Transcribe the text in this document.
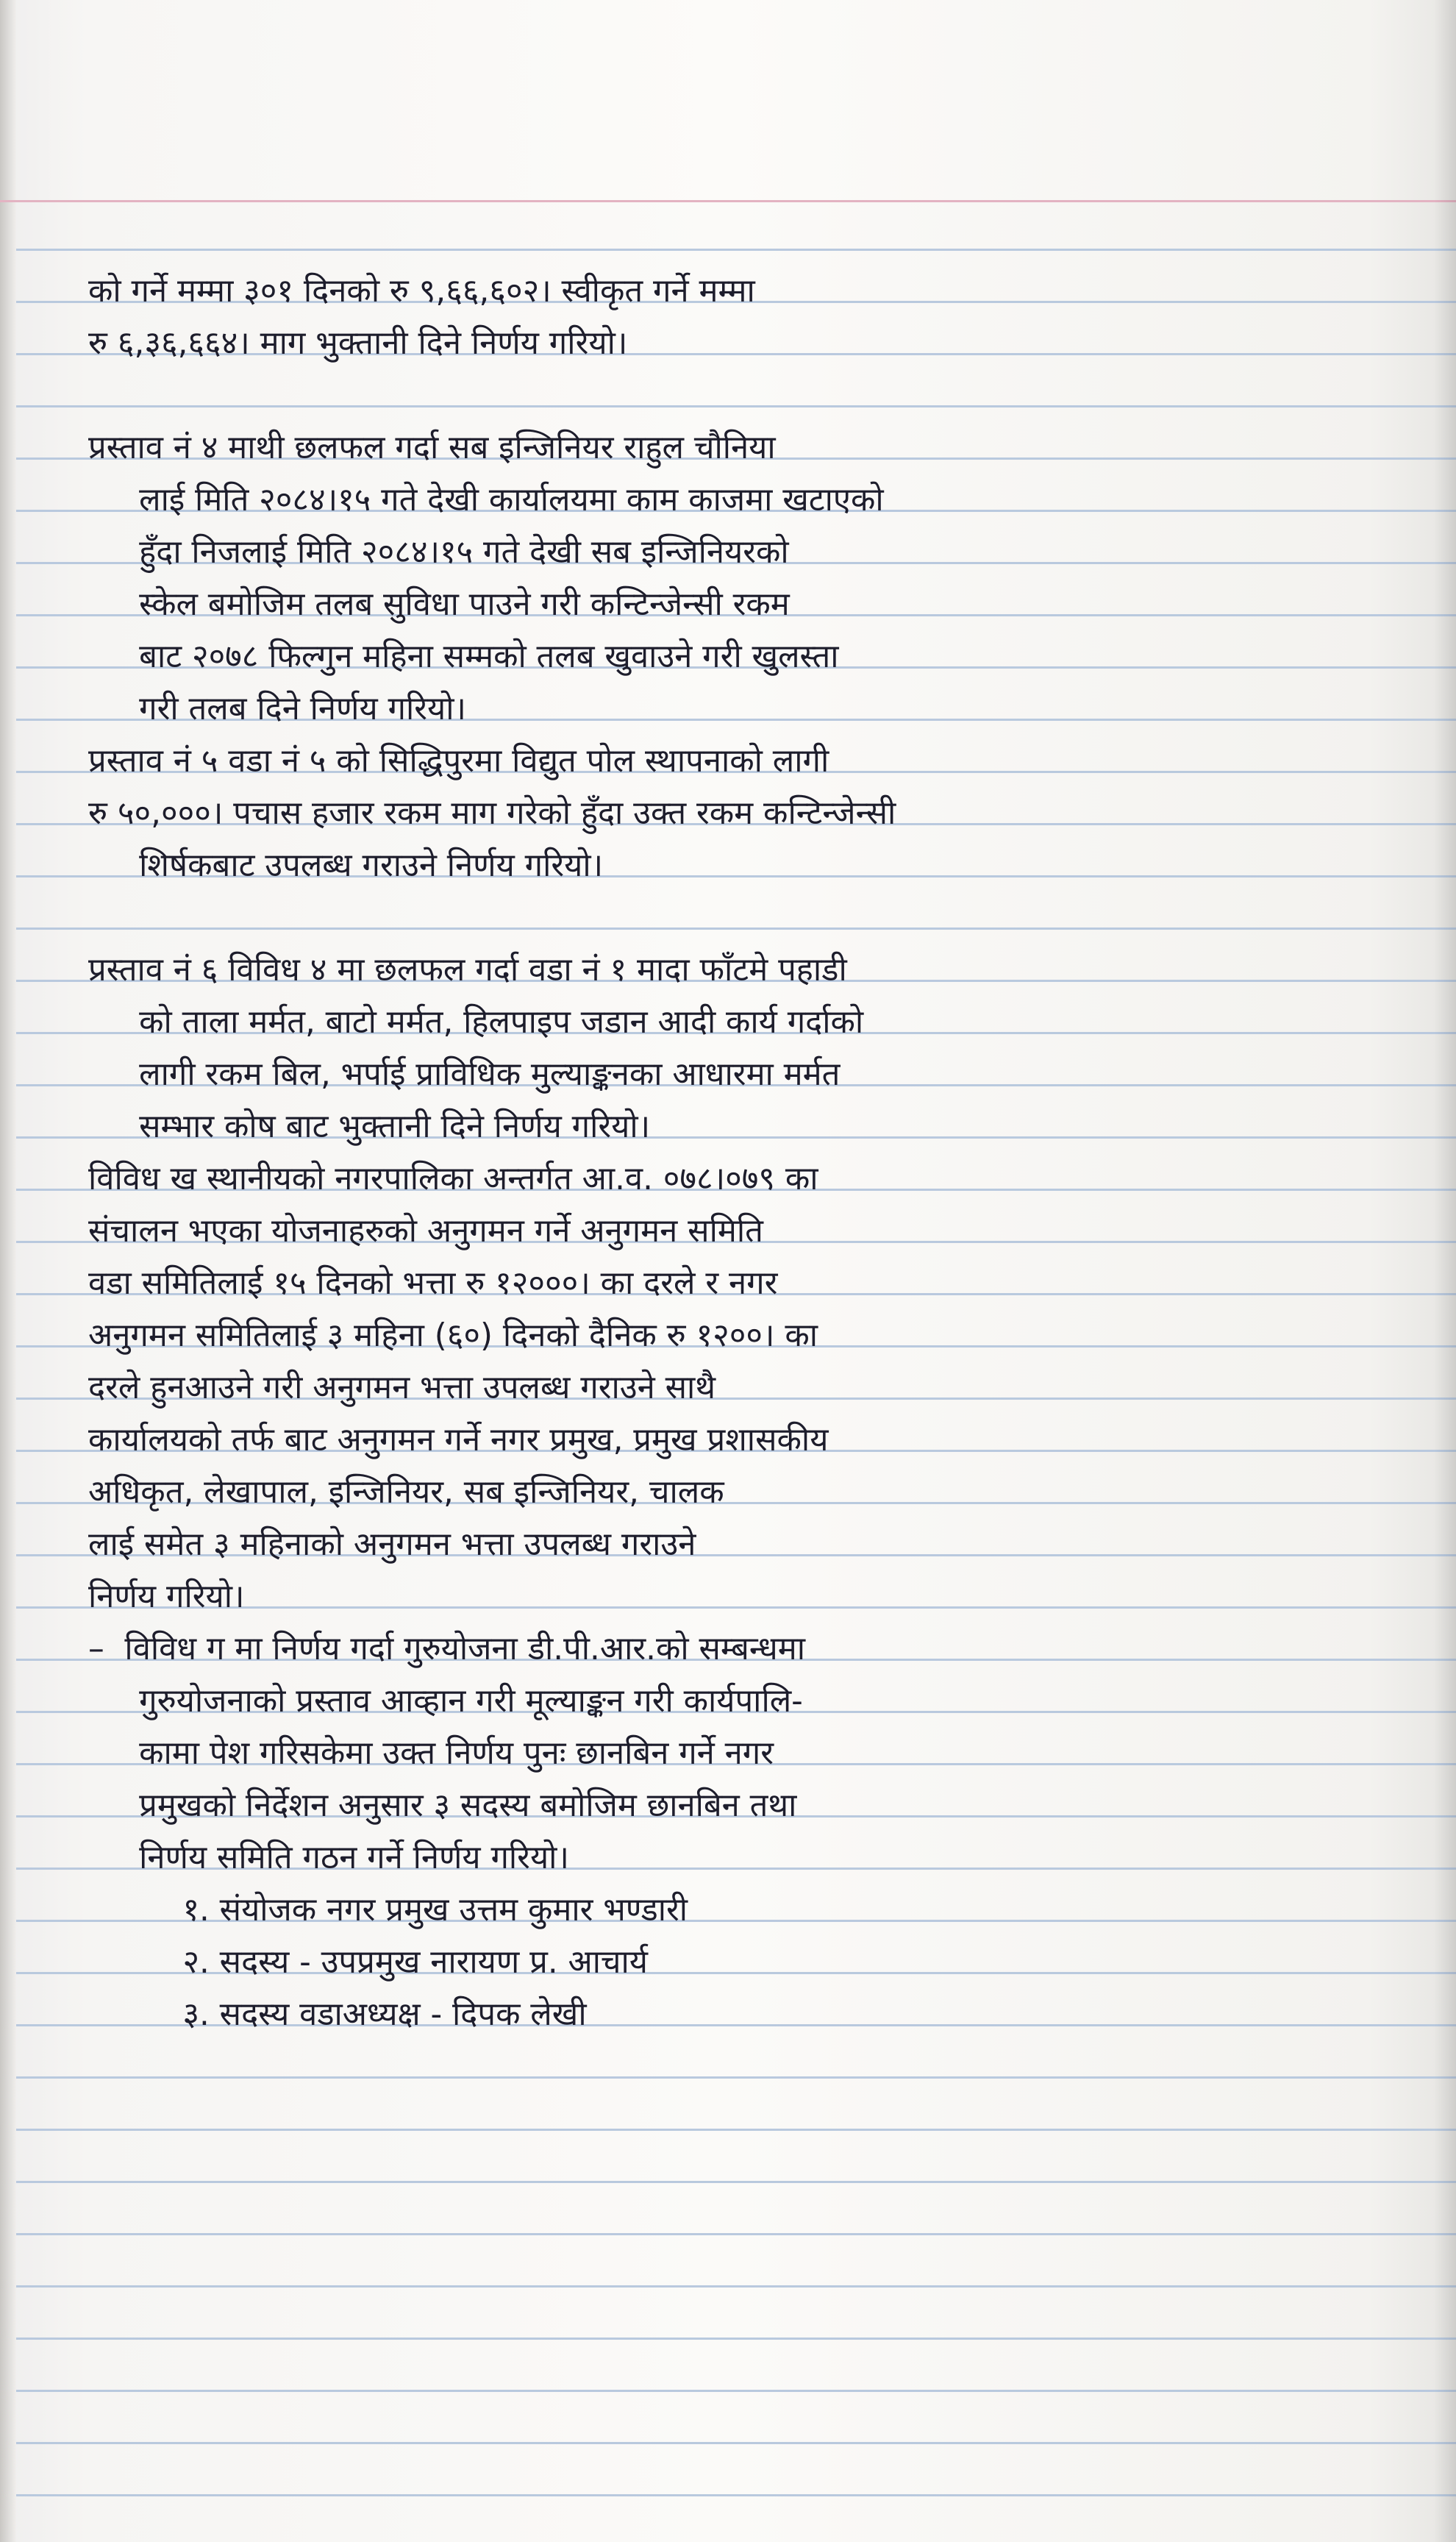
को गर्ने मम्मा ३०१ दिनको रु ९,६६,६०२। स्वीकृत गर्ने मम्मा
रु ६,३६,६६४। माग भुक्तानी दिने निर्णय गरियो।
प्रस्ताव नं ४ माथी छलफल गर्दा सब इन्जिनियर राहुल चौनिया
लाई मिति २०८४।१५ गते देखी कार्यालयमा काम काजमा खटाएको
हुँदा निजलाई मिति २०८४।१५ गते देखी सब इन्जिनियरको
स्केल बमोजिम तलब सुविधा पाउने गरी कन्टिन्जेन्सी रकम
बाट २०७८ फिल्गुन महिना सम्मको तलब खुवाउने गरी खुलस्ता
गरी तलब दिने निर्णय गरियो।
प्रस्ताव नं ५ वडा नं ५ को सिद्धिपुरमा विद्युत पोल स्थापनाको लागी
रु ५०,०००। पचास हजार रकम माग गरेको हुँदा उक्त रकम कन्टिन्जेन्सी
शिर्षकबाट उपलब्ध गराउने निर्णय गरियो।
प्रस्ताव नं ६ विविध ४ मा छलफल गर्दा वडा नं १ मादा फाँटमे पहाडी
को ताला मर्मत, बाटो मर्मत, हिलपाइप जडान आदी कार्य गर्दाको
लागी रकम बिल, भर्पाई प्राविधिक मुल्याङ्कनका आधारमा मर्मत
सम्भार कोष बाट भुक्तानी दिने निर्णय गरियो।
विविध ख स्थानीयको नगरपालिका अन्तर्गत आ.व. ०७८।०७९ का
संचालन भएका योजनाहरुको अनुगमन गर्ने अनुगमन समिति
वडा समितिलाई १५ दिनको भत्ता रु १२०००। का दरले र नगर
अनुगमन समितिलाई ३ महिना (६०) दिनको दैनिक रु १२००। का
दरले हुनआउने गरी अनुगमन भत्ता उपलब्ध गराउने साथै
कार्यालयको तर्फ बाट अनुगमन गर्ने नगर प्रमुख, प्रमुख प्रशासकीय
अधिकृत, लेखापाल, इन्जिनियर, सब इन्जिनियर, चालक
लाई समेत ३ महिनाको अनुगमन भत्ता उपलब्ध गराउने
निर्णय गरियो।
– विविध ग मा निर्णय गर्दा गुरुयोजना डी.पी.आर.को सम्बन्धमा
गुरुयोजनाको प्रस्ताव आव्हान गरी मूल्याङ्कन गरी कार्यपालि-
कामा पेश गरिसकेमा उक्त निर्णय पुनः छानबिन गर्ने नगर
प्रमुखको निर्देशन अनुसार ३ सदस्य बमोजिम छानबिन तथा
निर्णय समिति गठन गर्ने निर्णय गरियो।
१. संयोजक नगर प्रमुख उत्तम कुमार भण्डारी
२. सदस्य - उपप्रमुख नारायण प्र. आचार्य
३. सदस्य वडाअध्यक्ष - दिपक लेखी
